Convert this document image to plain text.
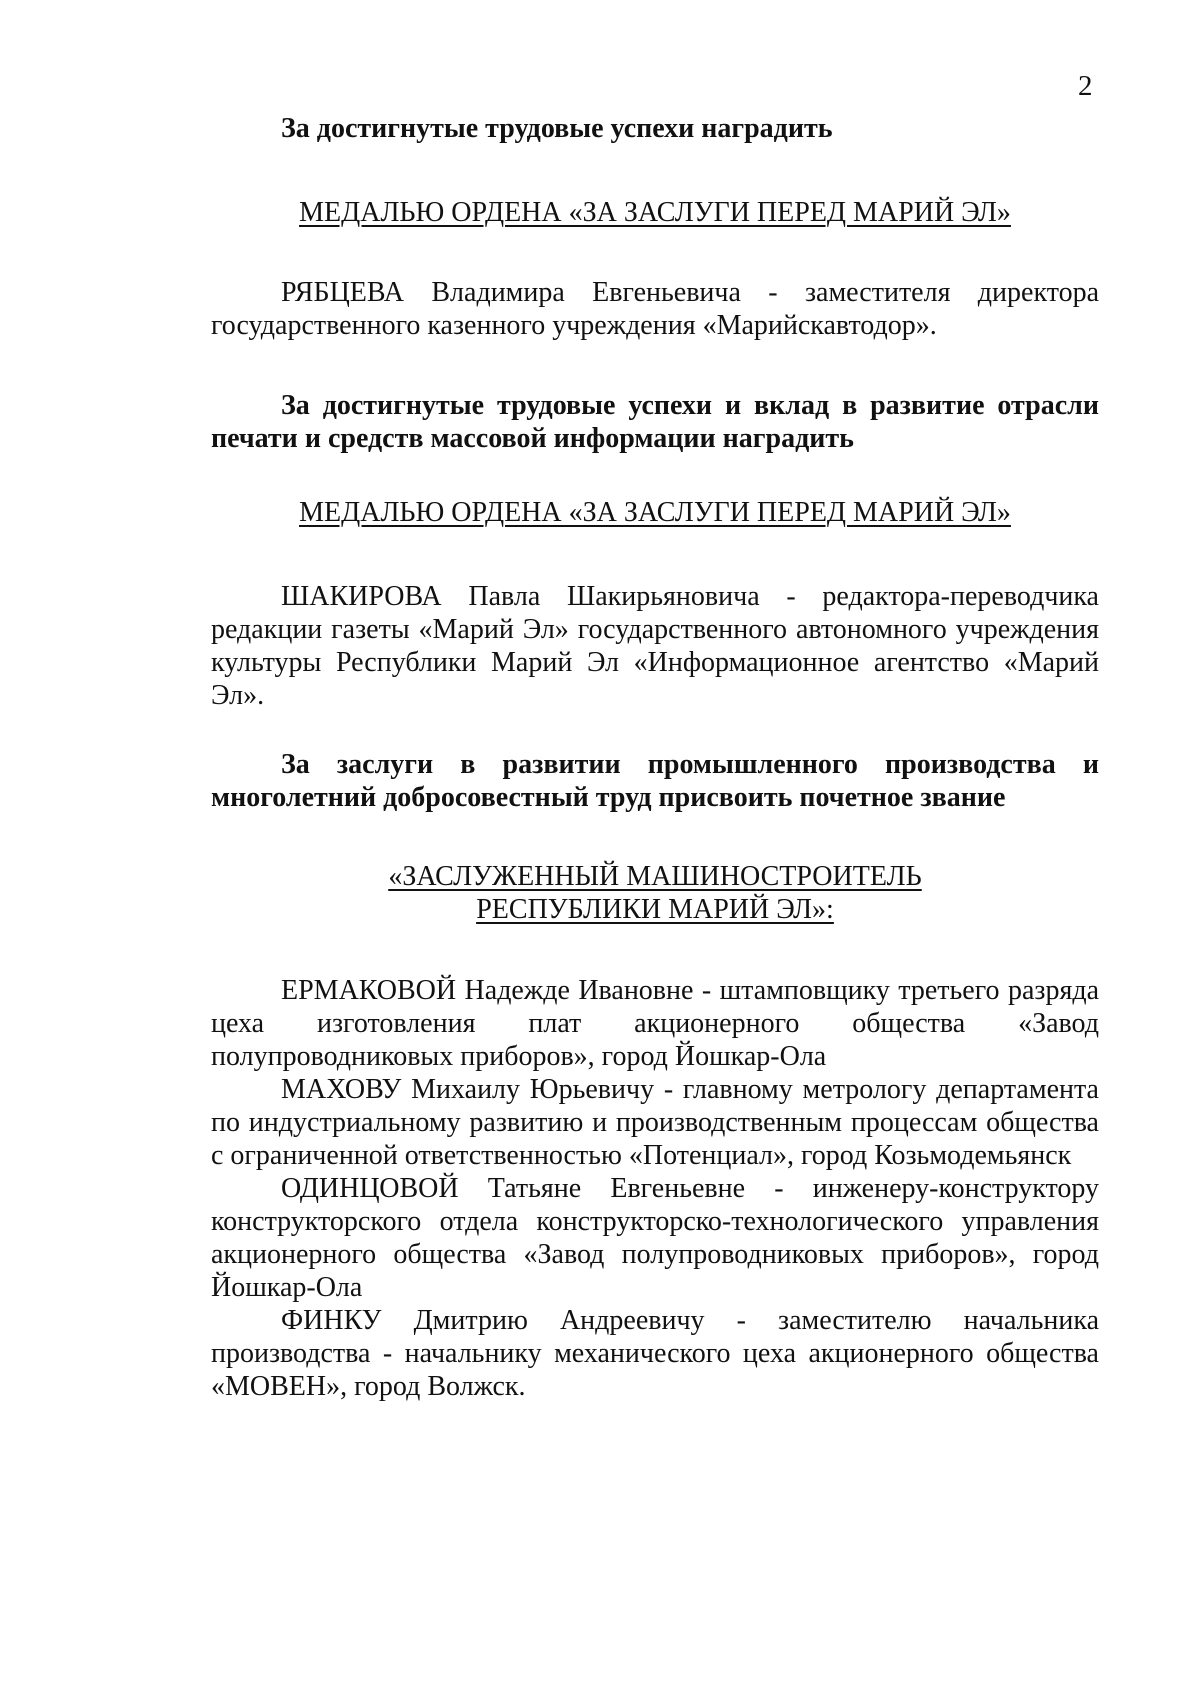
2

За достигнутые трудовые успехи наградить

МЕДАЛЬЮ ОРДЕНА «ЗА ЗАСЛУГИ ПЕРЕД МАРИЙ ЭЛ»

РЯБЦЕВА Владимира Евгеньевича - заместителя директора государственного казенного учреждения «Марийскавтодор».

За достигнутые трудовые успехи и вклад в развитие отрасли печати и средств массовой информации наградить

МЕДАЛЬЮ ОРДЕНА «ЗА ЗАСЛУГИ ПЕРЕД МАРИЙ ЭЛ»

ШАКИРОВА Павла Шакирьяновича - редактора-переводчика редакции газеты «Марий Эл» государственного автономного учреждения культуры Республики Марий Эл «Информационное агентство «Марий Эл».

За заслуги в развитии промышленного производства и многолетний добросовестный труд присвоить почетное звание

«ЗАСЛУЖЕННЫЙ МАШИНОСТРОИТЕЛЬ
РЕСПУБЛИКИ МАРИЙ ЭЛ»:

ЕРМАКОВОЙ Надежде Ивановне - штамповщику третьего разряда цеха изготовления плат акционерного общества «Завод полупроводниковых приборов», город Йошкар-Ола

МАХОВУ Михаилу Юрьевичу - главному метрологу департамента по индустриальному развитию и производственным процессам общества с ограниченной ответственностью «Потенциал», город Козьмодемьянск

ОДИНЦОВОЙ Татьяне Евгеньевне - инженеру-конструктору конструкторского отдела конструкторско-технологического управления акционерного общества «Завод полупроводниковых приборов», город Йошкар-Ола

ФИНКУ Дмитрию Андреевичу - заместителю начальника производства - начальнику механического цеха акционерного общества «МОВЕН», город Волжск.
